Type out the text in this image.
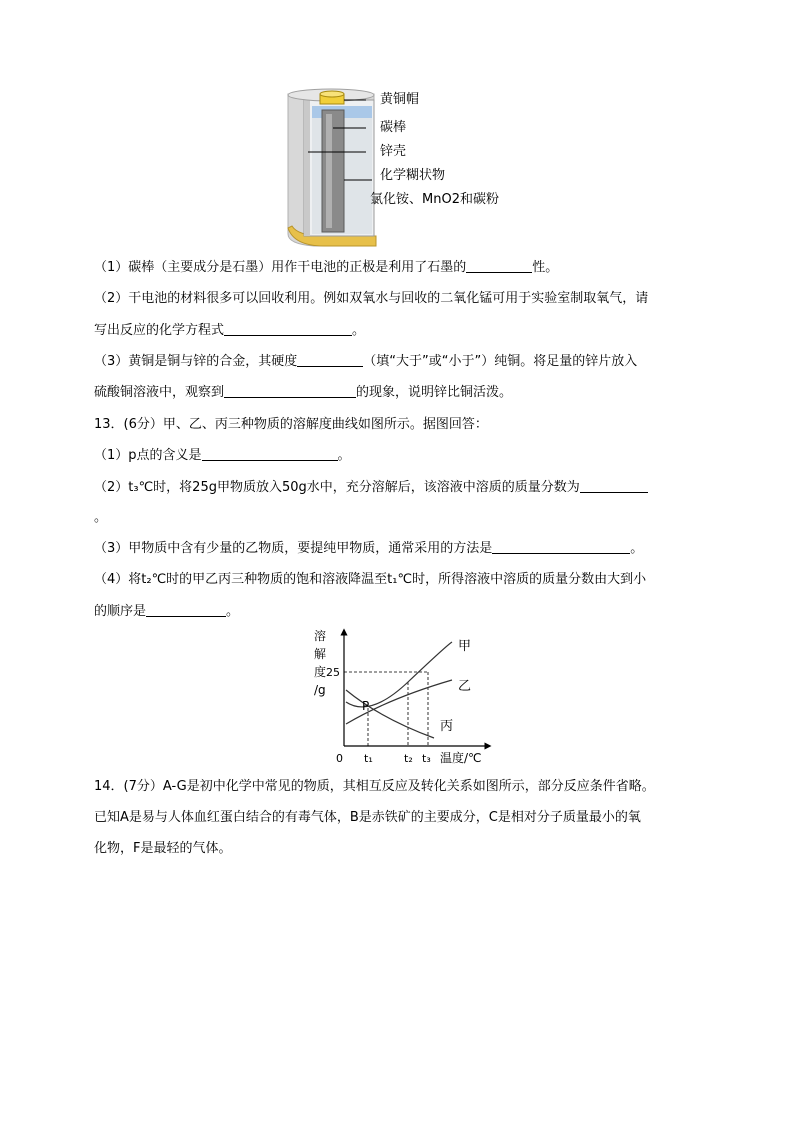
黄铜帽
碳棒
锌壳
化学糊状物
氯化铵、MnO2和碳粉
（1）碳棒（主要成分是石墨）用作干电池的正极是利用了石墨的	性。
（2）干电池的材料很多可以回收利用。例如双氧水与回收的二氧化锰可用于实验室制取氧气，请
写出反应的化学方程式	。
（3）黄铜是铜与锌的合金，其硬度	（填“大于”或“小于”）纯铜。将足量的锌片放入
硫酸铜溶液中，观察到	的现象，说明锌比铜活泼。
13．(6分）甲、乙、丙三种物质的溶解度曲线如图所示。据图回答：
（1）p点的含义是	。
（2）t₃℃时，将25g甲物质放入50g水中，充分溶解后，该溶液中溶质的质量分数为
。
（3）甲物质中含有少量的乙物质，要提纯甲物质，通常采用的方法是	。
（4）将t₂℃时的甲乙丙三种物质的饱和溶液降温至t₁℃时，所得溶液中溶质的质量分数由大到小
的顺序是	。
溶
解
度
/g
25
0 t₁	t₂ t₃ 温度/℃
甲
乙
丙
P
14．(7分）A-G是初中化学中常见的物质，其相互反应及转化关系如图所示，部分反应条件省略。
已知A是易与人体血红蛋白结合的有毒气体，B是赤铁矿的主要成分，C是相对分子质量最小的氧
化物，F是最轻的气体。
